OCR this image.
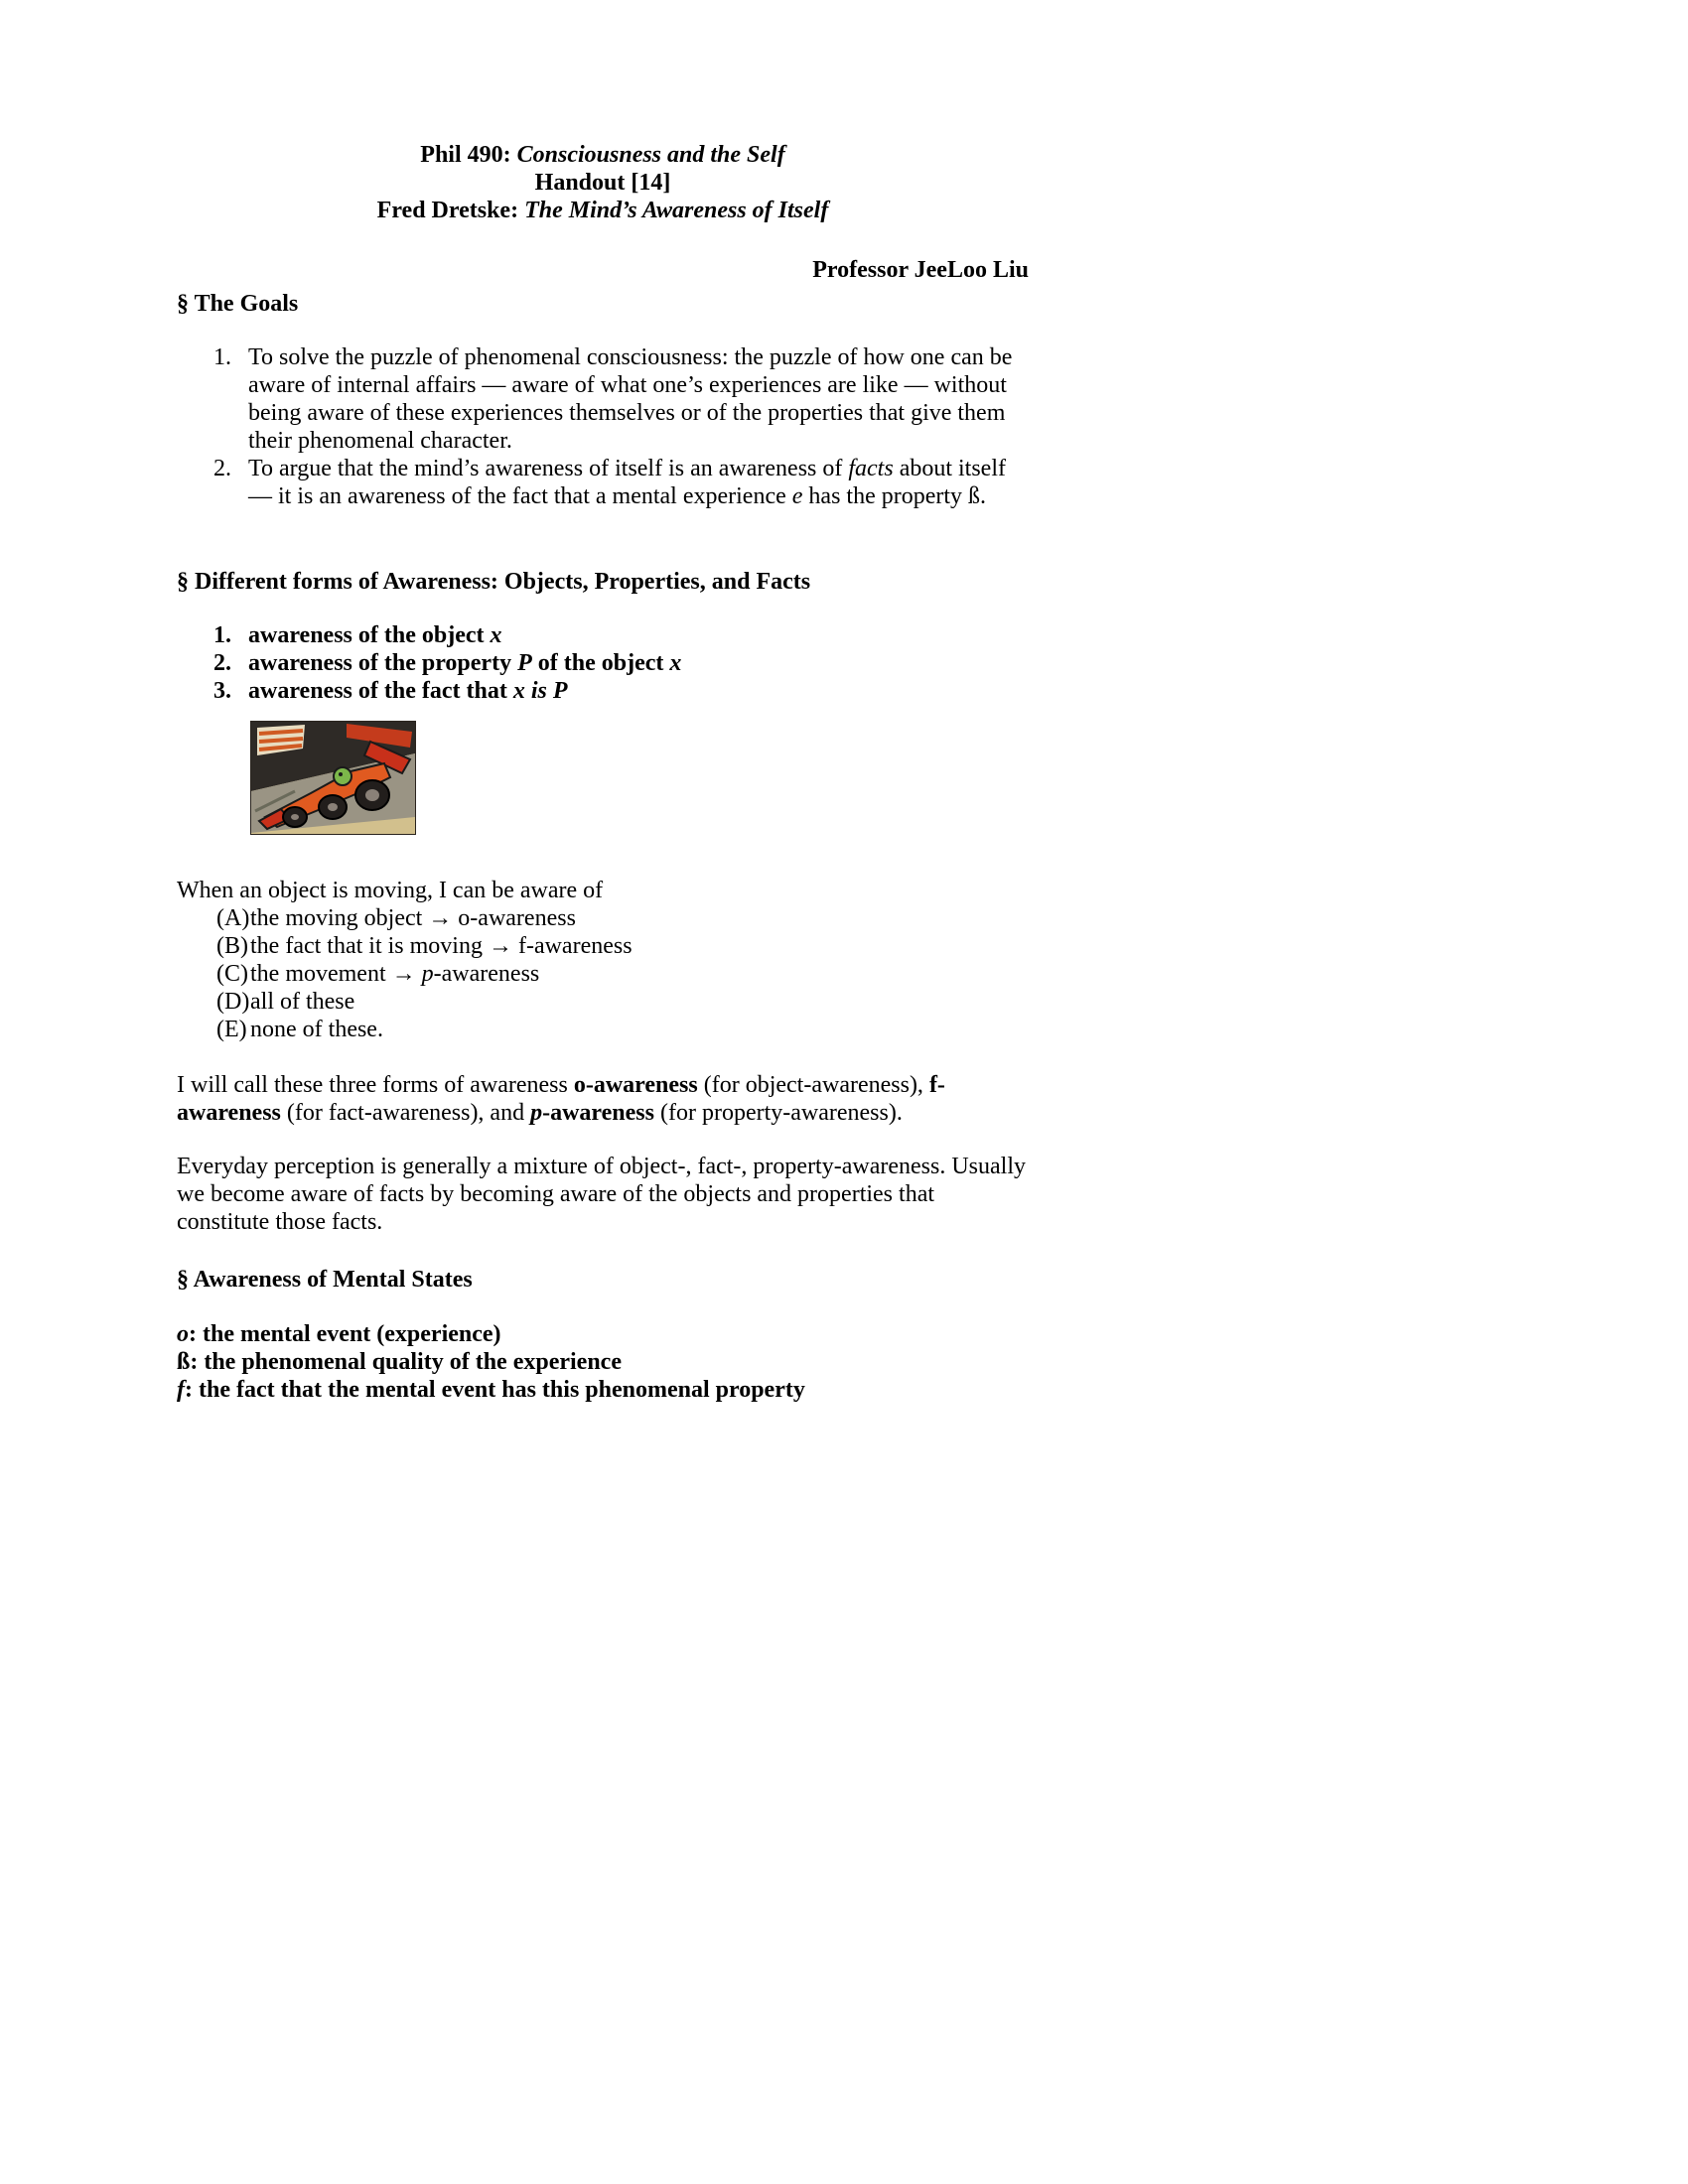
Phil 490: Consciousness and the Self
Handout [14]
Fred Dretske: The Mind’s Awareness of Itself
Professor JeeLoo Liu
§ The Goals
1. To solve the puzzle of phenomenal consciousness: the puzzle of how one can be aware of internal affairs — aware of what one’s experiences are like — without being aware of these experiences themselves or of the properties that give them their phenomenal character.
2. To argue that the mind’s awareness of itself is an awareness of facts about itself — it is an awareness of the fact that a mental experience e has the property ß.
§ Different forms of Awareness: Objects, Properties, and Facts
1. awareness of the object x
2. awareness of the property P of the object x
3. awareness of the fact that x is P

When an object is moving, I can be aware of

(A) the moving object → o-awareness
(B) the fact that it is moving → f-awareness
(C) the movement → p-awareness
(D) all of these
(E) none of these.

I will call these three forms of awareness o-awareness (for object-awareness), f-awareness (for fact-awareness), and p-awareness (for property-awareness).

Everyday perception is generally a mixture of object-, fact-, property-awareness. Usually we become aware of facts by becoming aware of the objects and properties that constitute those facts.

§ Awareness of Mental States
o: the mental event (experience)
ß: the phenomenal quality of the experience
f: the fact that the mental event has this phenomenal property
